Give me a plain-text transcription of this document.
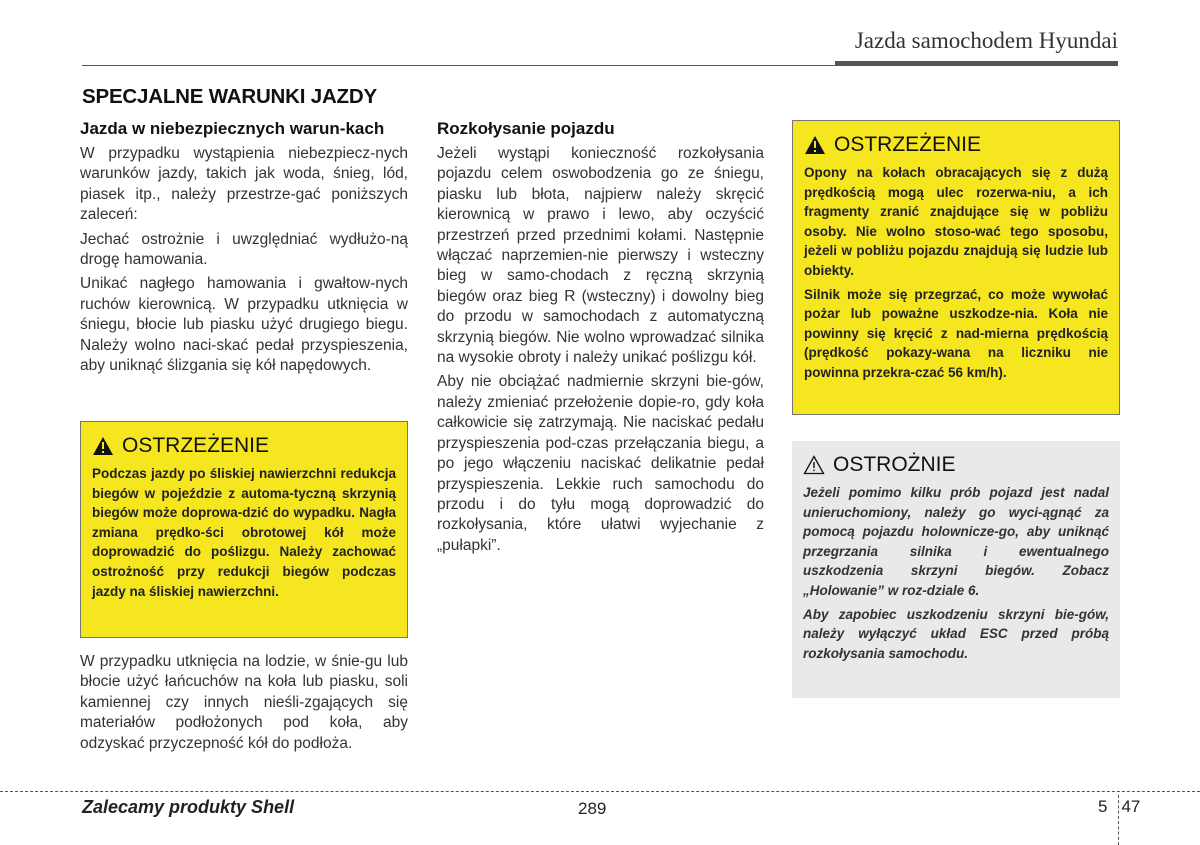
Jazda samochodem Hyundai
SPECJALNE WARUNKI JAZDY
Jazda w niebezpiecznych warun-kach

W przypadku wystąpienia niebezpiecz-nych warunków jazdy, takich jak woda, śnieg, lód, piasek itp., należy przestrze-gać poniższych zaleceń:

Jechać ostrożnie i uwzględniać wydłużo-ną drogę hamowania.

Unikać nagłego hamowania i gwałtow-nych ruchów kierownicą. W przypadku utknięcia w śniegu, błocie lub piasku użyć drugiego biegu. Należy wolno naci-skać pedał przyspieszenia, aby uniknąć ślizgania się kół napędowych.

OSTRZEŻENIE

Podczas jazdy po śliskiej nawierzchni redukcja biegów w pojeździe z automa-tyczną skrzynią biegów może doprowa-dzić do wypadku. Nagła zmiana prędko-ści obrotowej kół może doprowadzić do poślizgu. Należy zachować ostrożność przy redukcji biegów podczas jazdy na śliskiej nawierzchni.

W przypadku utknięcia na lodzie, w śnie-gu lub błocie użyć łańcuchów na koła lub piasku, soli kamiennej czy innych nieśli-zgających się materiałów podłożonych pod koła, aby odzyskać przyczepność kół do podłoża.

Rozkołysanie pojazdu

Jeżeli wystąpi konieczność rozkołysania pojazdu celem oswobodzenia go ze śniegu, piasku lub błota, najpierw należy skręcić kierownicą w prawo i lewo, aby oczyścić przestrzeń przed przednimi kołami. Następnie włączać naprzemien-nie pierwszy i wsteczny bieg w samo-chodach z ręczną skrzynią biegów oraz bieg R (wsteczny) i dowolny bieg do przodu w samochodach z automatyczną skrzynią biegów. Nie wolno wprowadzać silnika na wysokie obroty i należy unikać poślizgu kół.

Aby nie obciążać nadmiernie skrzyni bie-gów, należy zmieniać przełożenie dopie-ro, gdy koła całkowicie się zatrzymają. Nie naciskać pedału przyspieszenia pod-czas przełączania biegu, a po jego włączeniu naciskać delikatnie pedał przyspieszenia. Lekkie ruch samochodu do przodu i do tyłu mogą doprowadzić do rozkołysania, które ułatwi wyjechanie z „pułapki”.

OSTRZEŻENIE

Opony na kołach obracających się z dużą prędkością mogą ulec rozerwa-niu, a ich fragmenty zranić znajdujące się w pobliżu osoby. Nie wolno stoso-wać tego sposobu, jeżeli w pobliżu pojazdu znajdują się ludzie lub obiekty.

Silnik może się przegrzać, co może wywołać pożar lub poważne uszkodze-nia. Koła nie powinny się kręcić z nad-mierna prędkością (prędkość pokazy-wana na liczniku nie powinna przekra-czać 56 km/h).

OSTROŻNIE

Jeżeli pomimo kilku prób pojazd jest nadal unieruchomiony, należy go wyci-ągnąć za pomocą pojazdu holownicze-go, aby uniknąć przegrzania silnika i ewentualnego uszkodzenia skrzyni biegów. Zobacz „Holowanie” w roz-dziale 6.

Aby zapobiec uszkodzeniu skrzyni bie-gów, należy wyłączyć układ ESC przed próbą rozkołysania samochodu.

Zalecamy produkty Shell	289	5 47
